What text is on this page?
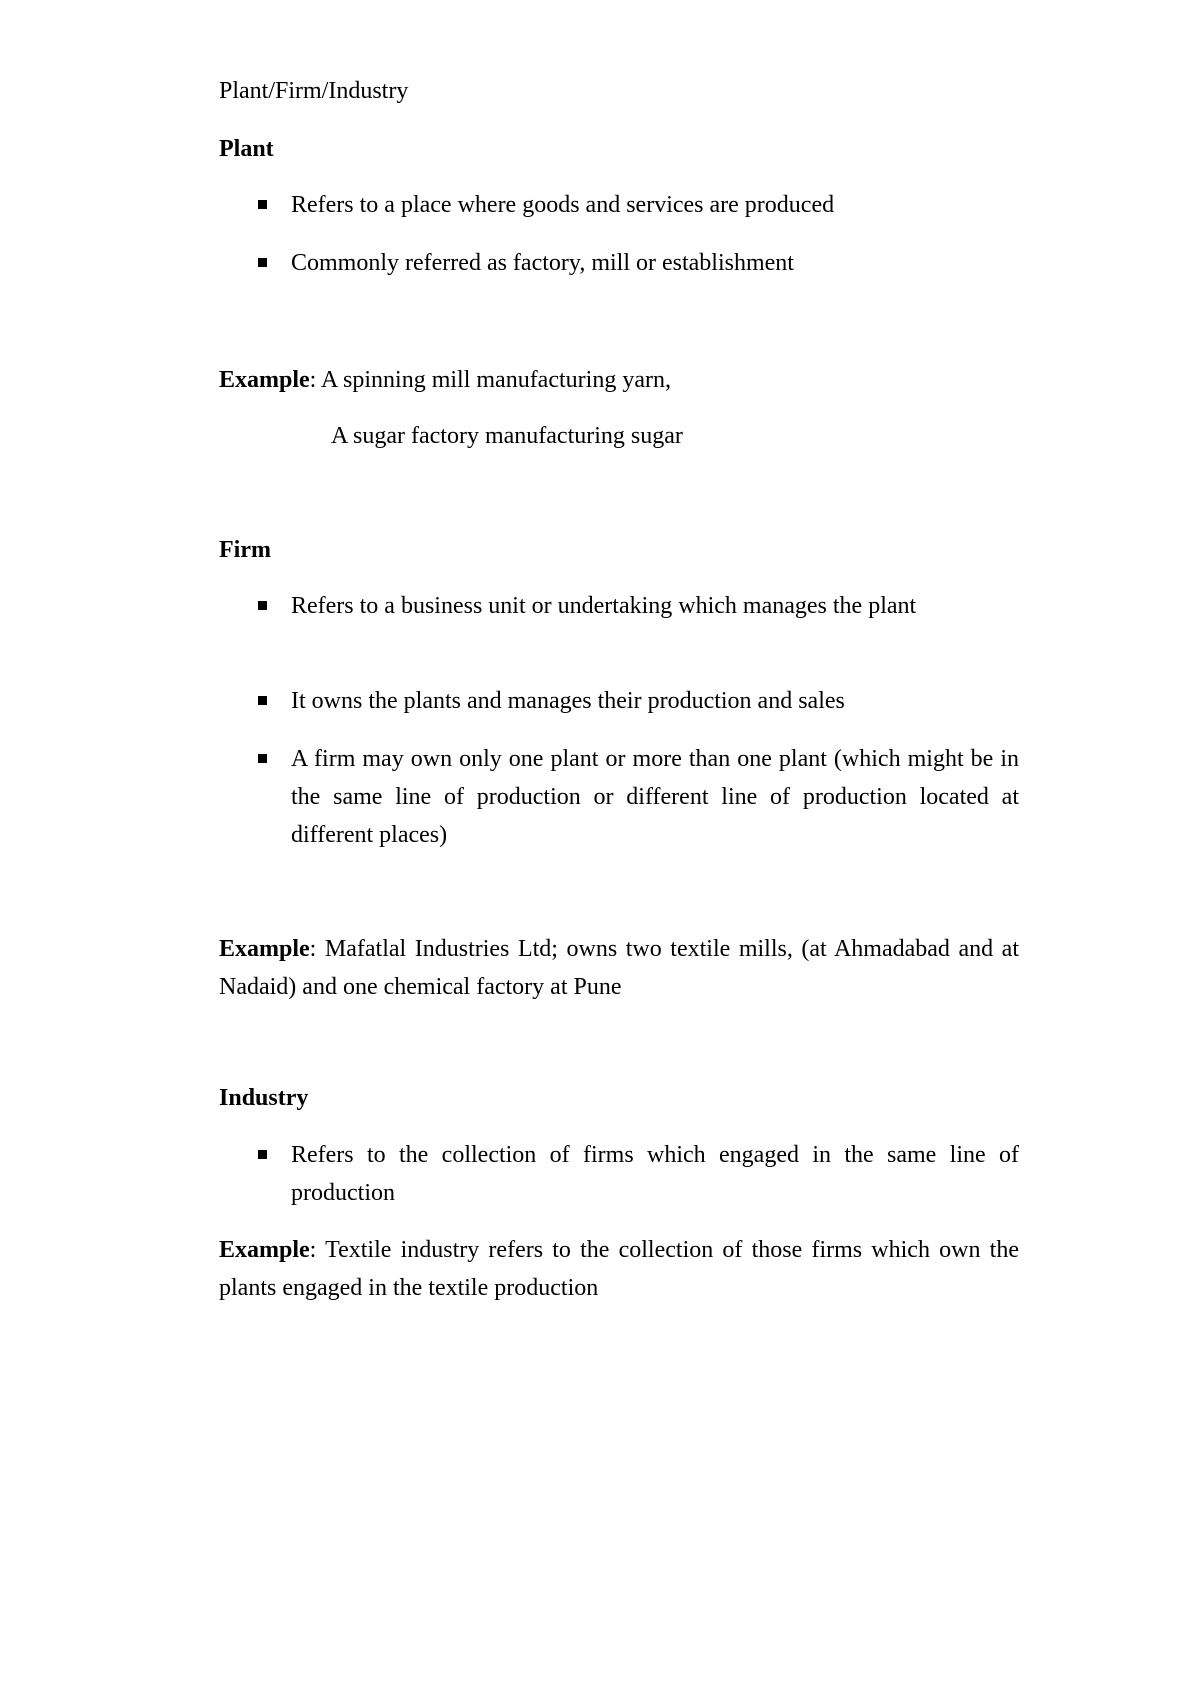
Plant/Firm/Industry
Plant
Refers to a place where goods and services are produced
Commonly referred as factory, mill or establishment
Example: A spinning mill manufacturing yarn,
A sugar factory manufacturing sugar
Firm
Refers to a business unit or undertaking which manages the plant
It owns the plants and manages their production and sales
A firm may own only one plant or more than one plant (which might be in the same line of production or different line of production located at different places)
Example: Mafatlal Industries Ltd; owns two textile mills, (at Ahmadabad and at Nadaid) and one chemical factory at Pune
Industry
Refers to the collection of firms which engaged in the same line of production
Example: Textile industry refers to the collection of those firms which own the plants engaged in the textile production
